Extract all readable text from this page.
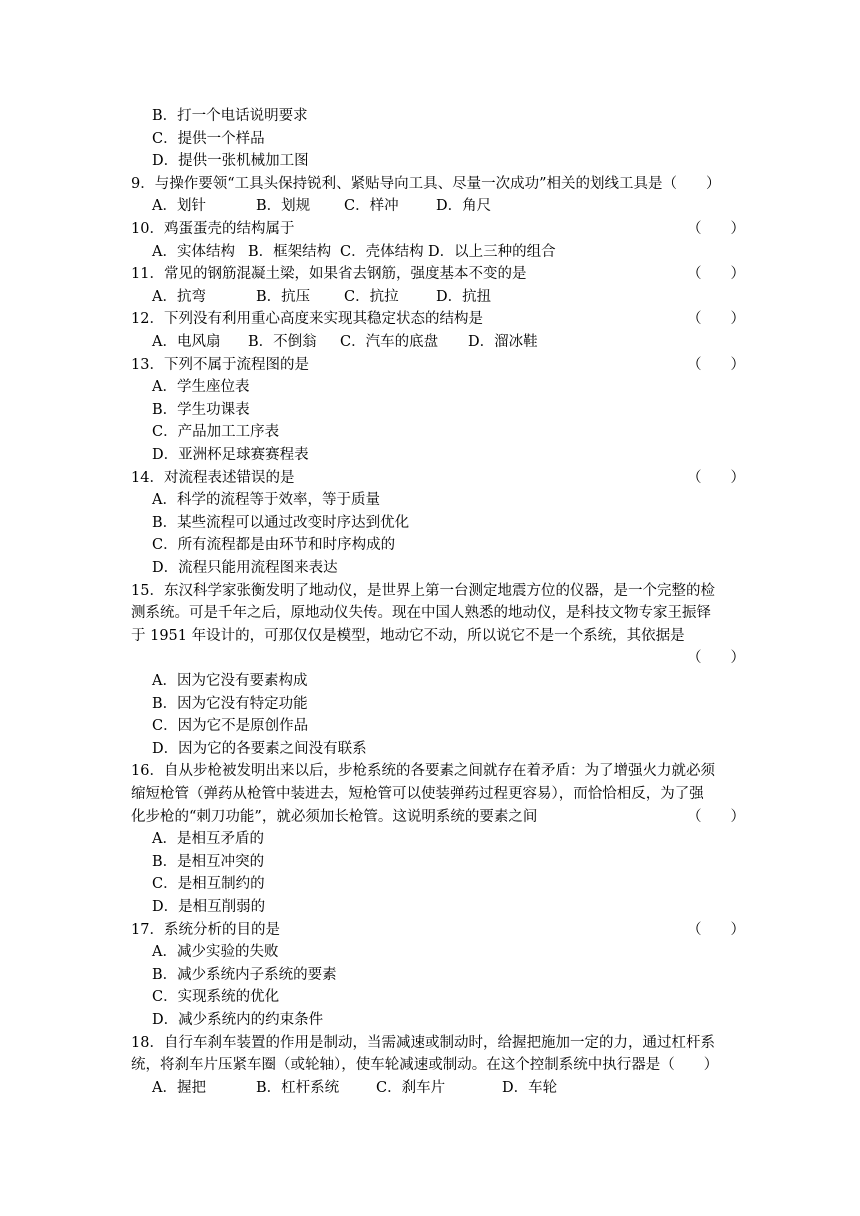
B．打一个电话说明要求
C．提供一个样品
D．提供一张机械加工图
9．与操作要领“工具头保持锐利、紧贴导向工具、尽量一次成功”相关的划线工具是（　　）
A．划针	B．划规	C．样冲	D．角尺
10．鸡蛋蛋壳的结构属于	（　　）
A．实体结构 B．框架结构 C．壳体结构 D．以上三种的组合
11．常见的钢筋混凝土梁，如果省去钢筋，强度基本不变的是	（　　）
A．抗弯	B．抗压	C．抗拉	D．抗扭
12．下列没有利用重心高度来实现其稳定状态的结构是	（　　）
A．电风扇	B．不倒翁	C．汽车的底盘	D．溜冰鞋
13．下列不属于流程图的是	（　　）
A．学生座位表
B．学生功课表
C．产品加工工序表
D．亚洲杯足球赛赛程表
14．对流程表述错误的是	（　　）
A．科学的流程等于效率，等于质量
B．某些流程可以通过改变时序达到优化
C．所有流程都是由环节和时序构成的
D．流程只能用流程图来表达
15．东汉科学家张衡发明了地动仪，是世界上第一台测定地震方位的仪器，是一个完整的检
测系统。可是千年之后，原地动仪失传。现在中国人熟悉的地动仪，是科技文物专家王振铎
于 1951 年设计的，可那仅仅是模型，地动它不动，所以说它不是一个系统，其依据是
（　　）
A．因为它没有要素构成
B．因为它没有特定功能
C．因为它不是原创作品
D．因为它的各要素之间没有联系
16．自从步枪被发明出来以后，步枪系统的各要素之间就存在着矛盾：为了增强火力就必须
缩短枪管（弹药从枪管中装进去，短枪管可以使装弹药过程更容易），而恰恰相反，为了强
化步枪的“刺刀功能”，就必须加长枪管。这说明系统的要素之间	（　　）
A．是相互矛盾的
B．是相互冲突的
C．是相互制约的
D．是相互削弱的
17．系统分析的目的是	（　　）
A．减少实验的失败
B．减少系统内子系统的要素
C．实现系统的优化
D．减少系统内的约束条件
18．自行车刹车装置的作用是制动，当需减速或制动时，给握把施加一定的力，通过杠杆系
统，将刹车片压紧车圈（或轮轴），使车轮减速或制动。在这个控制系统中执行器是（　　）
A．握把	B．杠杆系统	C．刹车片	D．车轮
